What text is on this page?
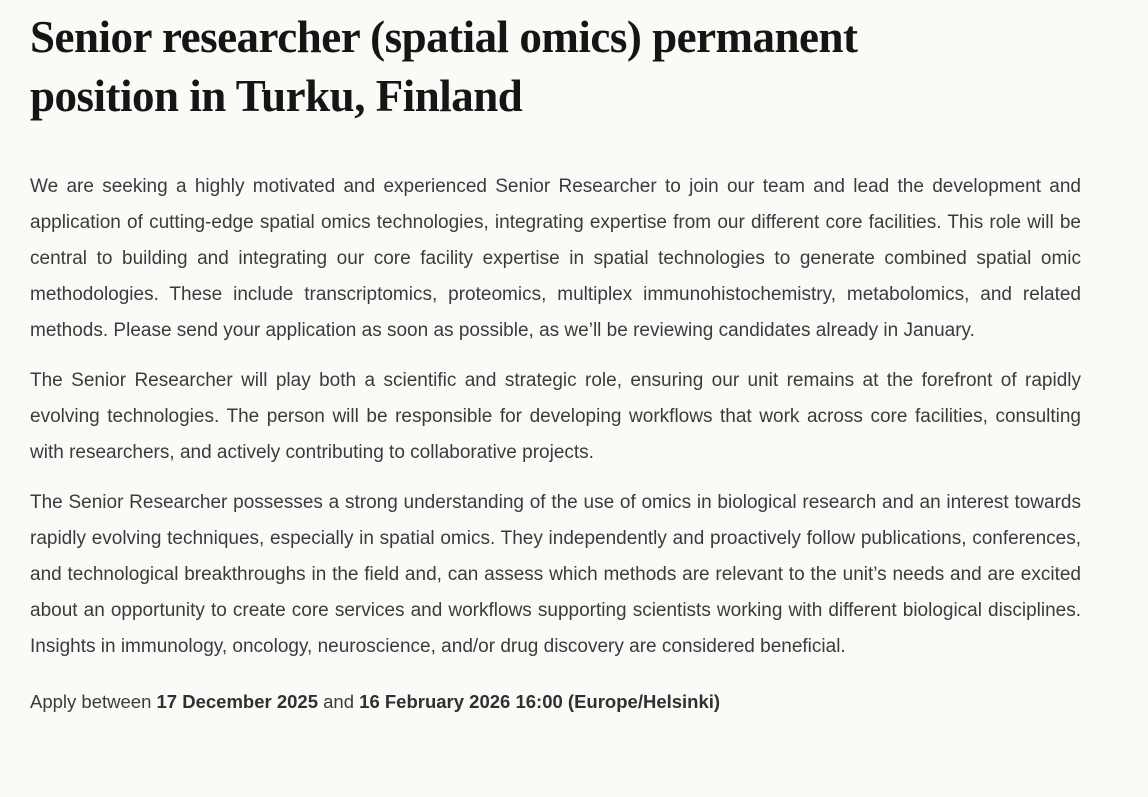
Senior researcher (spatial omics) permanent position in Turku, Finland

We are seeking a highly motivated and experienced Senior Researcher to join our team and lead the development and application of cutting-edge spatial omics technologies, integrating expertise from our different core facilities. This role will be central to building and integrating our core facility expertise in spatial technologies to generate combined spatial omic methodologies. These include transcriptomics, proteomics, multiplex immunohistochemistry, metabolomics, and related methods. Please send your application as soon as possible, as we’ll be reviewing candidates already in January.

The Senior Researcher will play both a scientific and strategic role, ensuring our unit remains at the forefront of rapidly evolving technologies. The person will be responsible for developing workflows that work across core facilities, consulting with researchers, and actively contributing to collaborative projects.

The Senior Researcher possesses a strong understanding of the use of omics in biological research and an interest towards rapidly evolving techniques, especially in spatial omics. They independently and proactively follow publications, conferences, and technological breakthroughs in the field and, can assess which methods are relevant to the unit’s needs and are excited about an opportunity to create core services and workflows supporting scientists working with different biological disciplines. Insights in immunology, oncology, neuroscience, and/or drug discovery are considered beneficial.

Apply between 17 December 2025 and 16 February 2026 16:00 (Europe/Helsinki)
